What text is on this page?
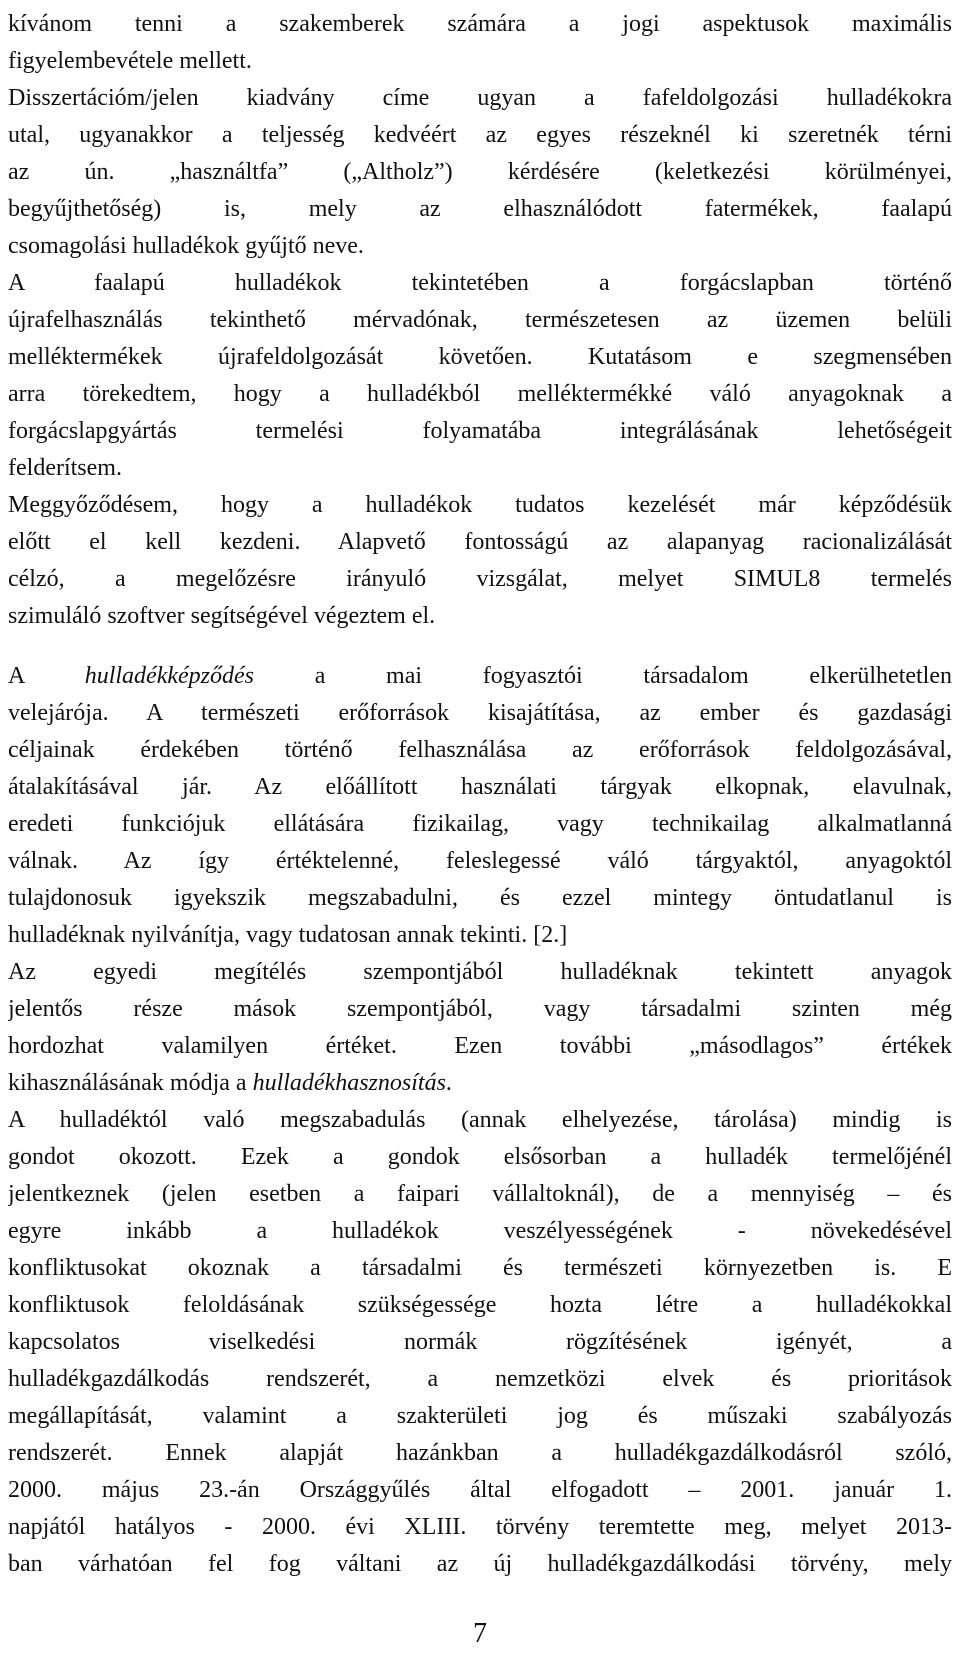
kívánom tenni a szakemberek számára a jogi aspektusok maximális
figyelembevétele mellett.
Disszertációm/jelen kiadvány címe ugyan a fafeldolgozási hulladékokra
utal, ugyanakkor a teljesség kedvéért az egyes részeknél ki szeretnék térni
az ún. „használtfa” („Altholz”) kérdésére (keletkezési körülményei,
begyűjthetőség) is, mely az elhasználódott fatermékek, faalapú
csomagolási hulladékok gyűjtő neve.
A faalapú hulladékok tekintetében a forgácslapban történő
újrafelhasználás tekinthető mérvadónak, természetesen az üzemen belüli
melléktermékek újrafeldolgozását követően. Kutatásom e szegmensében
arra törekedtem, hogy a hulladékból melléktermékké váló anyagoknak a
forgácslapgyártás termelési folyamatába integrálásának lehetőségeit
felderítsem.
Meggyőződésem, hogy a hulladékok tudatos kezelését már képződésük
előtt el kell kezdeni. Alapvető fontosságú az alapanyag racionalizálását
célzó, a megelőzésre irányuló vizsgálat, melyet SIMUL8 termelés
szimuláló szoftver segítségével végeztem el.
A hulladékképződés a mai fogyasztói társadalom elkerülhetetlen
velejárója. A természeti erőforrások kisajátítása, az ember és gazdasági
céljainak érdekében történő felhasználása az erőforrások feldolgozásával,
átalakításával jár. Az előállított használati tárgyak elkopnak, elavulnak,
eredeti funkciójuk ellátására fizikailag, vagy technikailag alkalmatlanná
válnak. Az így értéktelenné, feleslegessé váló tárgyaktól, anyagoktól
tulajdonosuk igyekszik megszabadulni, és ezzel mintegy öntudatlanul is
hulladéknak nyilvánítja, vagy tudatosan annak tekinti. [2.]
Az egyedi megítélés szempontjából hulladéknak tekintett anyagok
jelentős része mások szempontjából, vagy társadalmi szinten még
hordozhat valamilyen értéket. Ezen további „másodlagos” értékek
kihasználásának módja a hulladékhasznosítás.
A hulladéktól való megszabadulás (annak elhelyezése, tárolása) mindig is
gondot okozott. Ezek a gondok elsősorban a hulladék termelőjénél
jelentkeznek (jelen esetben a faipari vállaltoknál), de a mennyiség – és
egyre inkább a hulladékok veszélyességének - növekedésével
konfliktusokat okoznak a társadalmi és természeti környezetben is. E
konfliktusok feloldásának szükségessége hozta létre a hulladékokkal
kapcsolatos viselkedési normák rögzítésének igényét, a
hulladékgazdálkodás rendszerét, a nemzetközi elvek és prioritások
megállapítását, valamint a szakterületi jog és műszaki szabályozás
rendszerét. Ennek alapját hazánkban a hulladékgazdálkodásról szóló,
2000. május 23.-án Országgyűlés által elfogadott – 2001. január 1.
napjától hatályos - 2000. évi XLIII. törvény teremtette meg, melyet 2013-
ban várhatóan fel fog váltani az új hulladékgazdálkodási törvény, mely
7
